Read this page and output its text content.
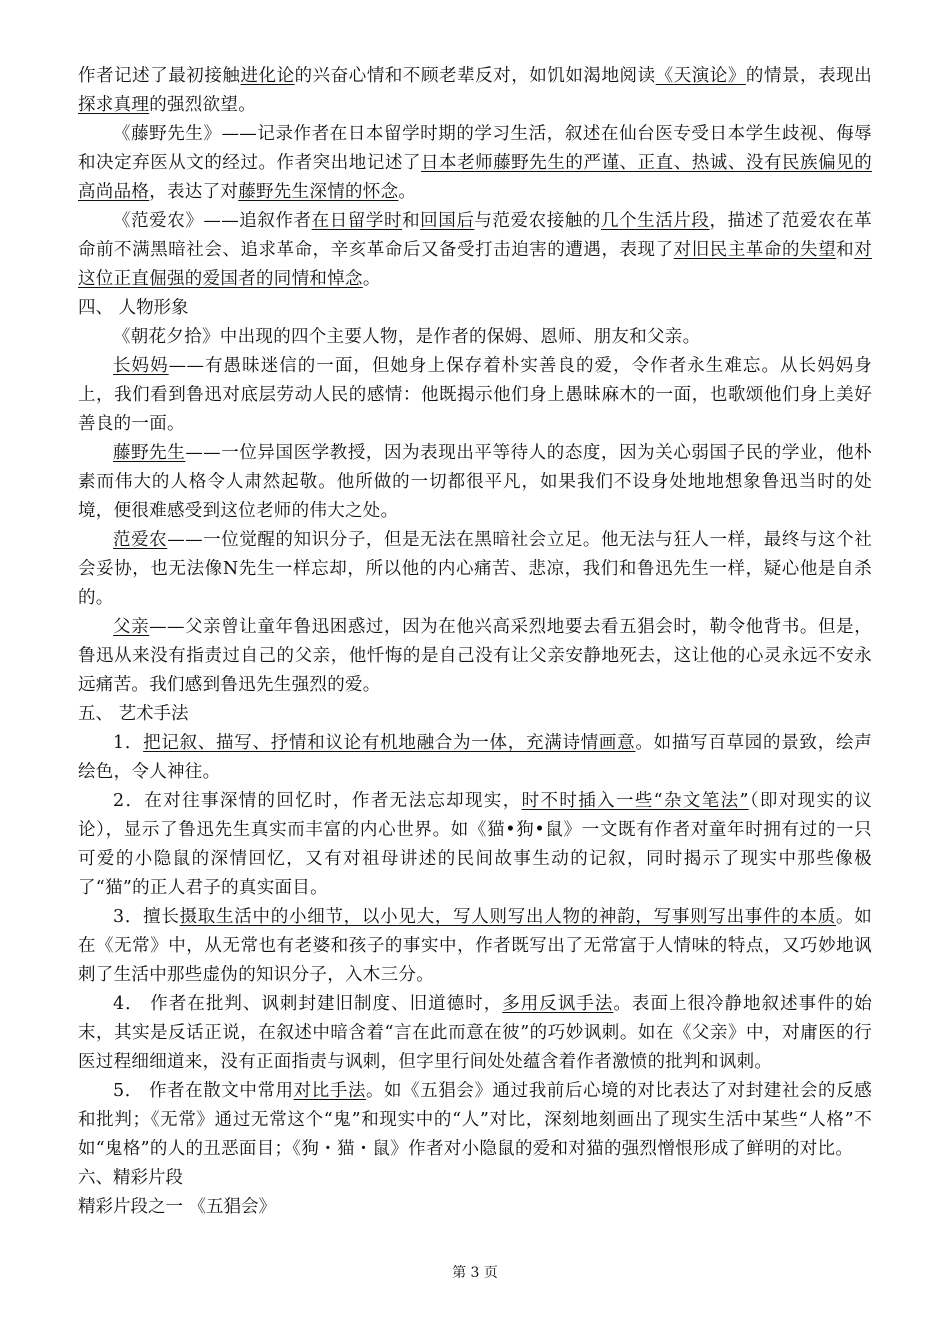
作者记述了最初接触进化论的兴奋心情和不顾老辈反对，如饥如渴地阅读《天演论》的情景，表现出探求真理的强烈欲望。

《藤野先生》——记录作者在日本留学时期的学习生活，叙述在仙台医专受日本学生歧视、侮辱和决定弃医从文的经过。作者突出地记述了日本老师藤野先生的严谨、正直、热诚、没有民族偏见的高尚品格，表达了对藤野先生深情的怀念。

《范爱农》——追叙作者在日留学时和回国后与范爱农接触的几个生活片段，描述了范爱农在革命前不满黑暗社会、追求革命，辛亥革命后又备受打击迫害的遭遇，表现了对旧民主革命的失望和对这位正直倔强的爱国者的同情和悼念。

四、 人物形象

《朝花夕拾》中出现的四个主要人物，是作者的保姆、恩师、朋友和父亲。

长妈妈——有愚昧迷信的一面，但她身上保存着朴实善良的爱，令作者永生难忘。从长妈妈身上，我们看到鲁迅对底层劳动人民的感情：他既揭示他们身上愚昧麻木的一面，也歌颂他们身上美好善良的一面。

藤野先生——一位异国医学教授，因为表现出平等待人的态度，因为关心弱国子民的学业，他朴素而伟大的人格令人肃然起敬。他所做的一切都很平凡，如果我们不设身处地地想象鲁迅当时的处境，便很难感受到这位老师的伟大之处。

范爱农——一位觉醒的知识分子，但是无法在黑暗社会立足。他无法与狂人一样，最终与这个社会妥协，也无法像N先生一样忘却，所以他的内心痛苦、悲凉，我们和鲁迅先生一样，疑心他是自杀的。

父亲——父亲曾让童年鲁迅困惑过，因为在他兴高采烈地要去看五猖会时，勒令他背书。但是，鲁迅从来没有指责过自己的父亲，他忏悔的是自己没有让父亲安静地死去，这让他的心灵永远不安永远痛苦。我们感到鲁迅先生强烈的爱。

五、 艺术手法

1．把记叙、描写、抒情和议论有机地融合为一体，充满诗情画意。如描写百草园的景致，绘声绘色，令人神往。

2．在对往事深情的回忆时，作者无法忘却现实，时不时插入一些“杂文笔法”（即对现实的议论），显示了鲁迅先生真实而丰富的内心世界。如《猫•狗•鼠》一文既有作者对童年时拥有过的一只可爱的小隐鼠的深情回忆，又有对祖母讲述的民间故事生动的记叙，同时揭示了现实中那些像极了“猫”的正人君子的真实面目。

3．擅长摄取生活中的小细节，以小见大，写人则写出人物的神韵，写事则写出事件的本质。如在《无常》中，从无常也有老婆和孩子的事实中，作者既写出了无常富于人情味的特点，又巧妙地讽刺了生活中那些虚伪的知识分子，入木三分。

4． 作者在批判、讽刺封建旧制度、旧道德时，多用反讽手法。表面上很冷静地叙述事件的始末，其实是反话正说，在叙述中暗含着“言在此而意在彼”的巧妙讽刺。如在《父亲》中，对庸医的行医过程细细道来，没有正面指责与讽刺，但字里行间处处蕴含着作者激愤的批判和讽刺。

5． 作者在散文中常用对比手法。如《五猖会》通过我前后心境的对比表达了对封建社会的反感和批判；《无常》通过无常这个“鬼”和现实中的“人”对比，深刻地刻画出了现实生活中某些“人格”不如“鬼格”的人的丑恶面目；《狗・猫・鼠》作者对小隐鼠的爱和对猫的强烈憎恨形成了鲜明的对比。

六、精彩片段

精彩片段之一 《五猖会》

第 3 页
